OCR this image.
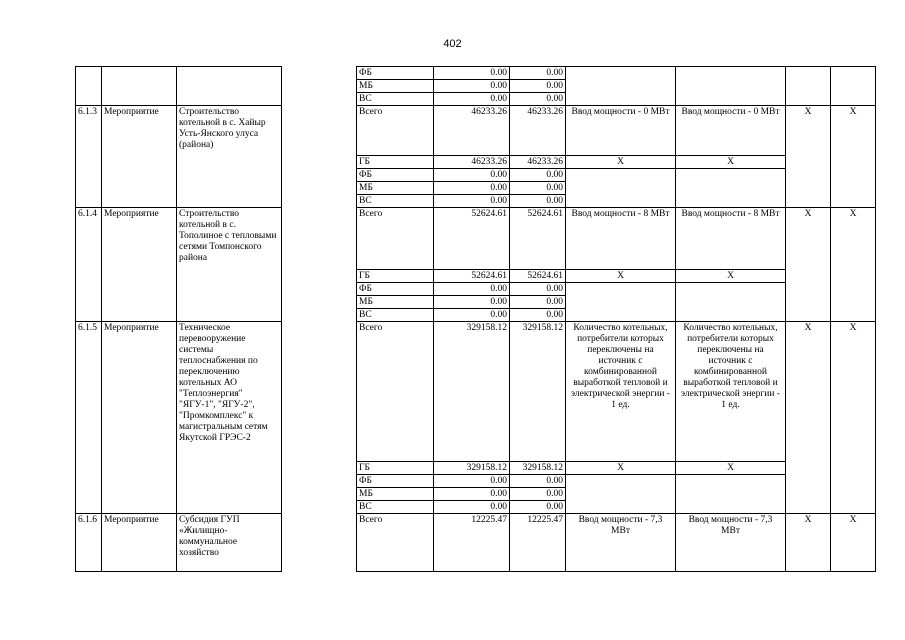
402
				ФБ	0.00	0.00				
				МБ	0.00	0.00				
				ВС	0.00	0.00				
6.1.3	Мероприятие	Строительство котельной в с. Хайыр Усть-Янского улуса (района)		Всего	46233.26	46233.26	Ввод мощности - 0 МВт	Ввод мощности - 0 МВт	Х	Х
				ГБ	46233.26	46233.26	Х	Х		
				ФБ	0.00	0.00				
				МБ	0.00	0.00				
				ВС	0.00	0.00				
6.1.4	Мероприятие	Строительство котельной в с. Тополиное с тепловыми сетями Томпонского района		Всего	52624.61	52624.61	Ввод мощности - 8 МВт	Ввод мощности - 8 МВт	Х	Х
				ГБ	52624.61	52624.61	Х	Х		
				ФБ	0.00	0.00				
				МБ	0.00	0.00				
				ВС	0.00	0.00				
6.1.5	Мероприятие	Техническое перевооружение системы теплоснабжения по переключению котельных АО "Теплоэнергия" "ЯГУ-1", "ЯГУ-2", "Промкомплекс" к магистральным сетям Якутской ГРЭС-2		Всего	329158.12	329158.12	Количество котельных, потребители которых переключены на источник с комбинированной выработкой тепловой и электрической энергии - 1 ед.	Количество котельных, потребители которых переключены на источник с комбинированной выработкой тепловой и электрической энергии - 1 ед.	Х	Х
				ГБ	329158.12	329158.12	Х	Х		
				ФБ	0.00	0.00				
				МБ	0.00	0.00				
				ВС	0.00	0.00				
6.1.6	Мероприятие	Субсидия ГУП «Жилищно-коммунальное хозяйство		Всего	12225.47	12225.47	Ввод мощности - 7,3 МВт	Ввод мощности - 7,3 МВт	Х	Х
